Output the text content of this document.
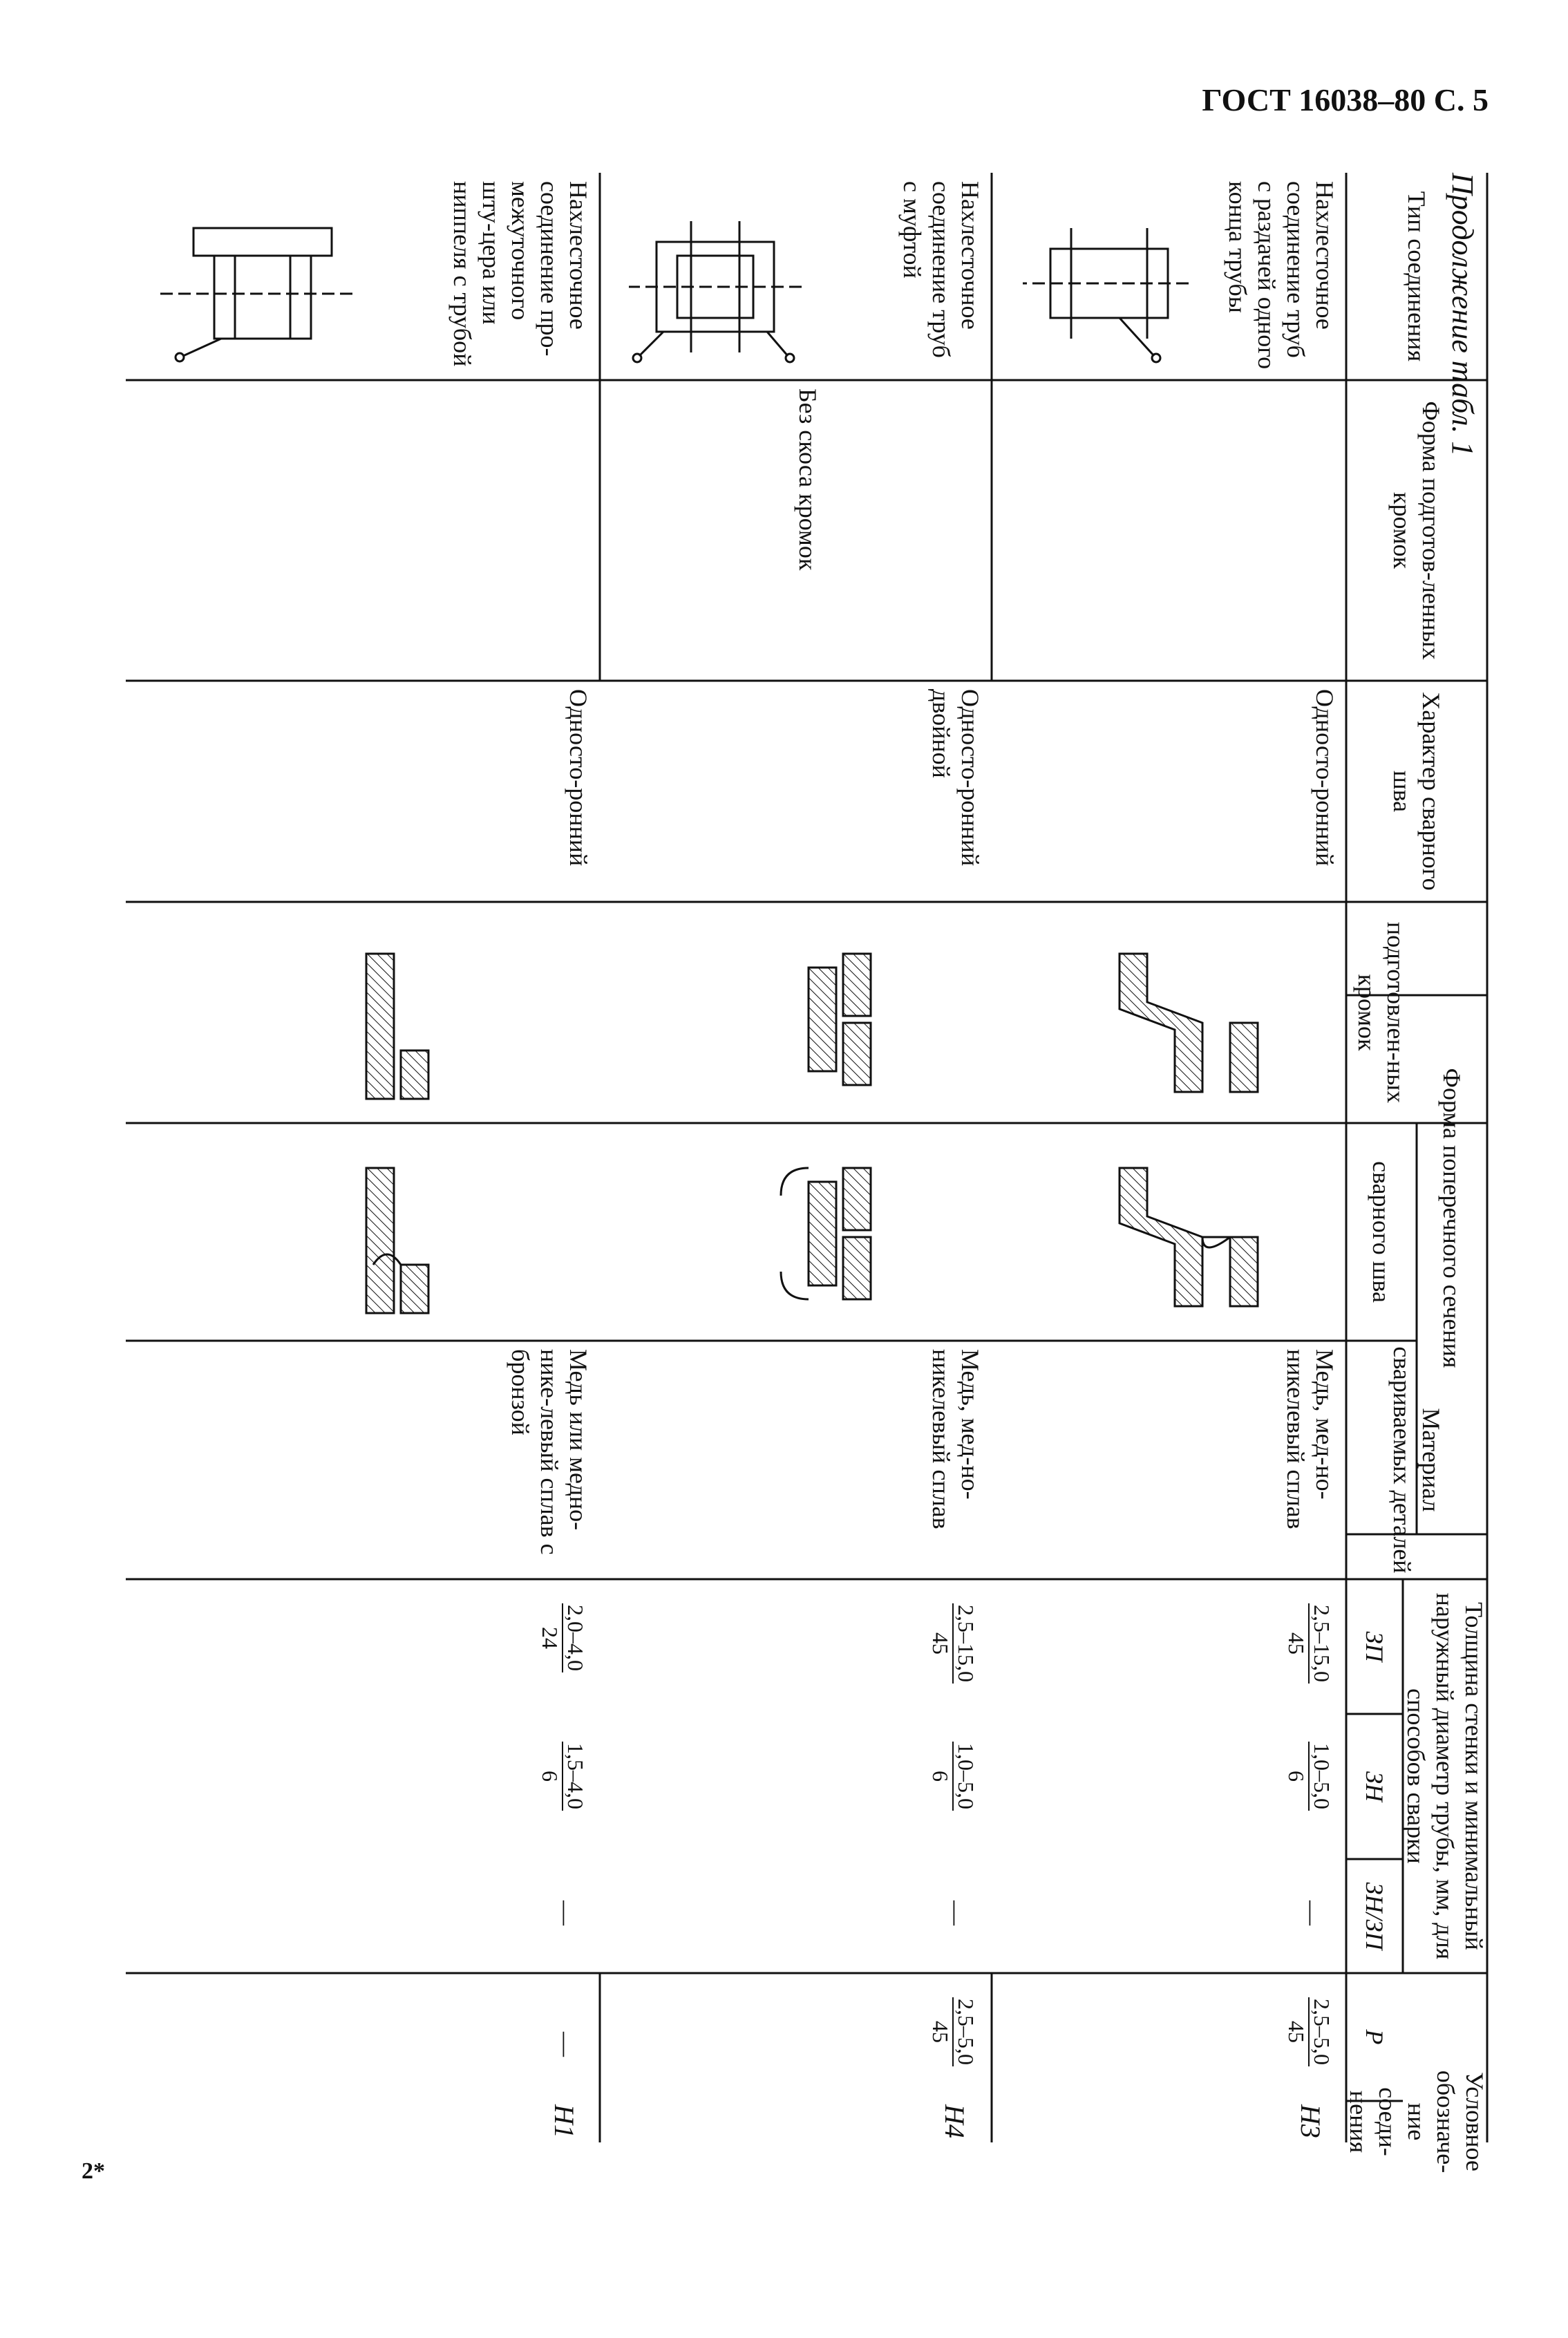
ГОСТ 16038–80 С. 5
Продолжение табл. 1
2*
Тип соединения
Форма подготов-ленных кромок
Характер сварного шва
Форма поперечного сечения
подготовлен-ных кромок
сварного шва
Материал свариваемых деталей
Толщина стенки и минимальный наружный диаметр трубы, мм, для способов сварки
ЗП
ЗН
ЗН/ЗП
Р
Условное обозначе-ние соеди-нения
Без скоса кромок
Нахлесточное соединение труб с раздачей одного конца трубы
Односто-ронний
Медь, мед-но-никелевый сплав
2,5–15,0
45
1,0–5,0
6
—
2,5–5,0
45
Н3
Нахлесточное соединение труб с муфтой
Односто-ронний двойной
Медь, мед-но-никелевый сплав
2,5–15,0
45
1,0–5,0
6
—
2,5–5,0
45
Н4
Нахлесточное соединение про-межуточного шту-цера или ниппеля с трубой
Односто-ронний
Медь или медно-нике-левый сплав с бронзой
2,0–4,0
24
1,5–4,0
6
—
—
Н1
